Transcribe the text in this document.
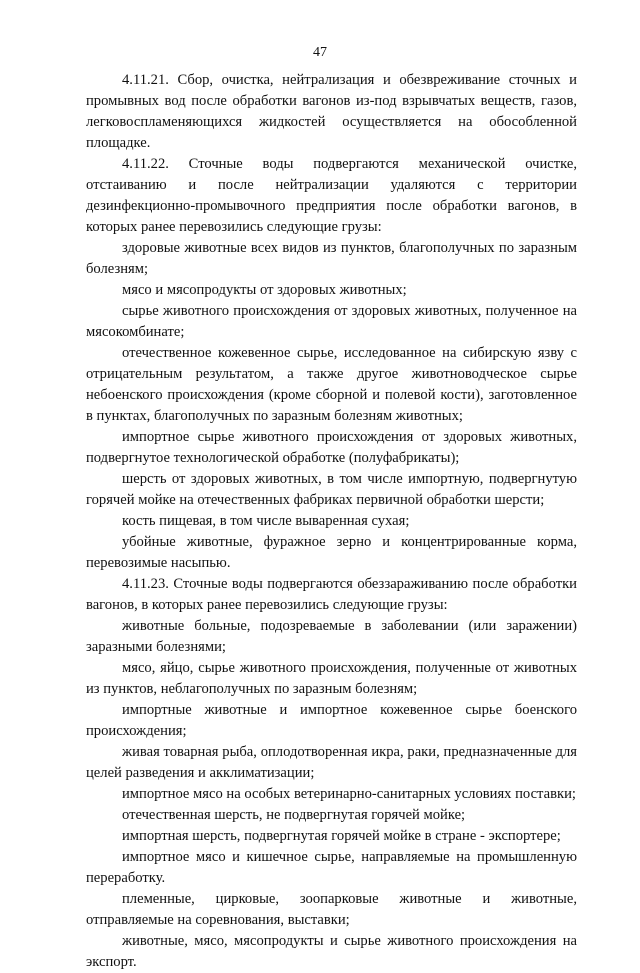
47

4.11.21. Сбор, очистка, нейтрализация и обезвреживание сточных и промывных вод после обработки вагонов из-под взрывчатых веществ, газов, легковоспламеняющихся жидкостей осуществляется на обособленной площадке.

4.11.22. Сточные воды подвергаются механической очистке, отстаиванию и после нейтрализации удаляются с территории дезинфекционно-промывочного предприятия после обработки вагонов, в которых ранее перевозились следующие грузы:

здоровые животные всех видов из пунктов, благополучных по заразным болезням;

мясо и мясопродукты от здоровых животных;

сырье животного происхождения от здоровых животных, полученное на мясокомбинате;

отечественное кожевенное сырье, исследованное на сибирскую язву с отрицательным результатом, а также другое животноводческое сырье небоенского происхождения (кроме сборной и полевой кости), заготовленное в пунктах, благополучных по заразным болезням животных;

импортное сырье животного происхождения от здоровых животных, подвергнутое технологической обработке (полуфабрикаты);

шерсть от здоровых животных, в том числе импортную, подвергнутую горячей мойке на отечественных фабриках первичной обработки шерсти;

кость пищевая, в том числе вываренная сухая;

убойные животные, фуражное зерно и концентрированные корма, перевозимые насыпью.

4.11.23. Сточные воды подвергаются обеззараживанию после обработки вагонов, в которых ранее перевозились следующие грузы:

животные больные, подозреваемые в заболевании (или заражении) заразными болезнями;

мясо, яйцо, сырье животного происхождения, полученные от животных из пунктов, неблагополучных по заразным болезням;

импортные животные и импортное кожевенное сырье боенского происхождения;

живая товарная рыба, оплодотворенная икра, раки, предназначенные для целей разведения и акклиматизации;

импортное мясо на особых ветеринарно-санитарных условиях поставки;

отечественная шерсть, не подвергнутая горячей мойке;

импортная шерсть, подвергнутая горячей мойке в стране - экспортере;

импортное мясо и кишечное сырье, направляемые на промышленную переработку.

племенные, цирковые, зоопарковые животные и животные, отправляемые на соревнования, выставки;

животные, мясо, мясопродукты и сырье животного происхождения на экспорт.
